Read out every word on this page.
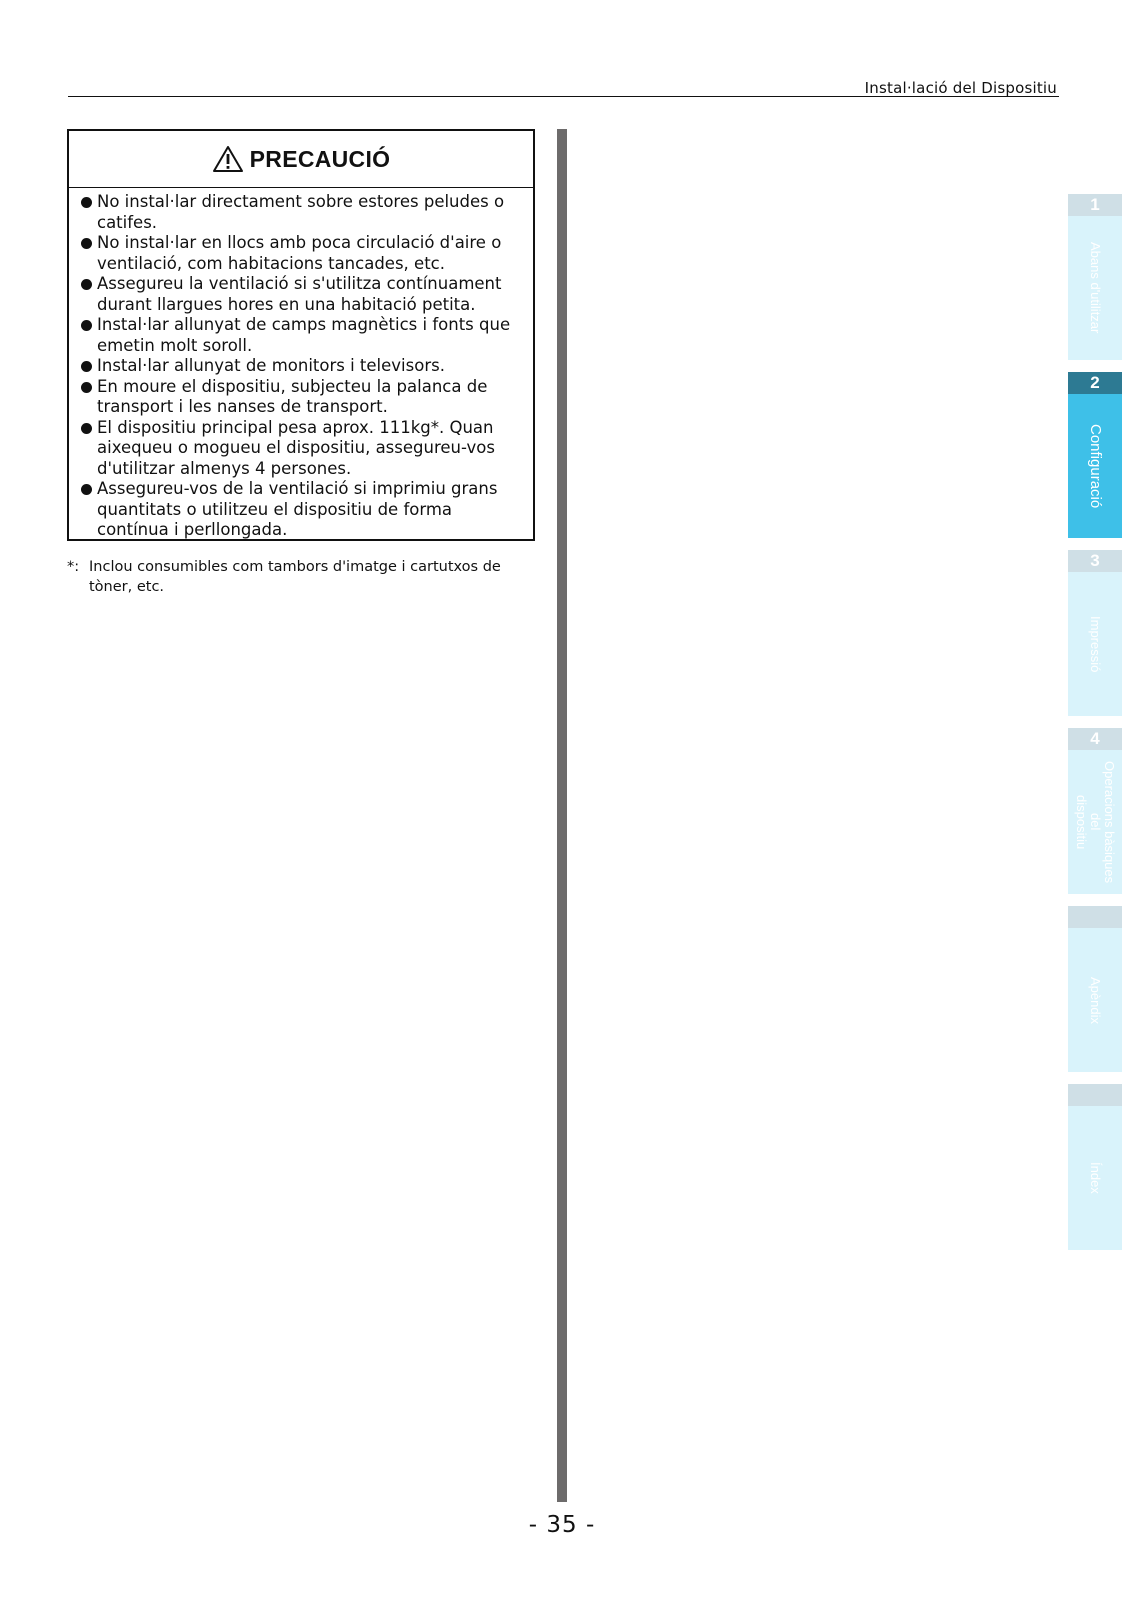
Instal·lació del Dispositiu
PRECAUCIÓ
No instal·lar directament sobre estores peludes o catifes.
No instal·lar en llocs amb poca circulació d'aire o ventilació, com habitacions tancades, etc.
Assegureu la ventilació si s'utilitza contínuament durant llargues hores en una habitació petita.
Instal·lar allunyat de camps magnètics i fonts que emetin molt soroll.
Instal·lar allunyat de monitors i televisors.
En moure el dispositiu, subjecteu la palanca de transport i les nanses de transport.
El dispositiu principal pesa aprox. 111kg*. Quan aixequeu o mogueu el dispositiu, assegureu-vos d'utilitzar almenys 4 persones.
Assegureu-vos de la ventilació si imprimiu grans quantitats o utilitzeu el dispositiu de forma contínua i perllongada.
*: Inclou consumibles com tambors d'imatge i cartutxos de
tòner, etc.
- 35 -
1
Abans d'utilitzar
2
Configuració
3
Impressió
4
Operacions bàsiques del
dispositiu
Apèndix
Índex
